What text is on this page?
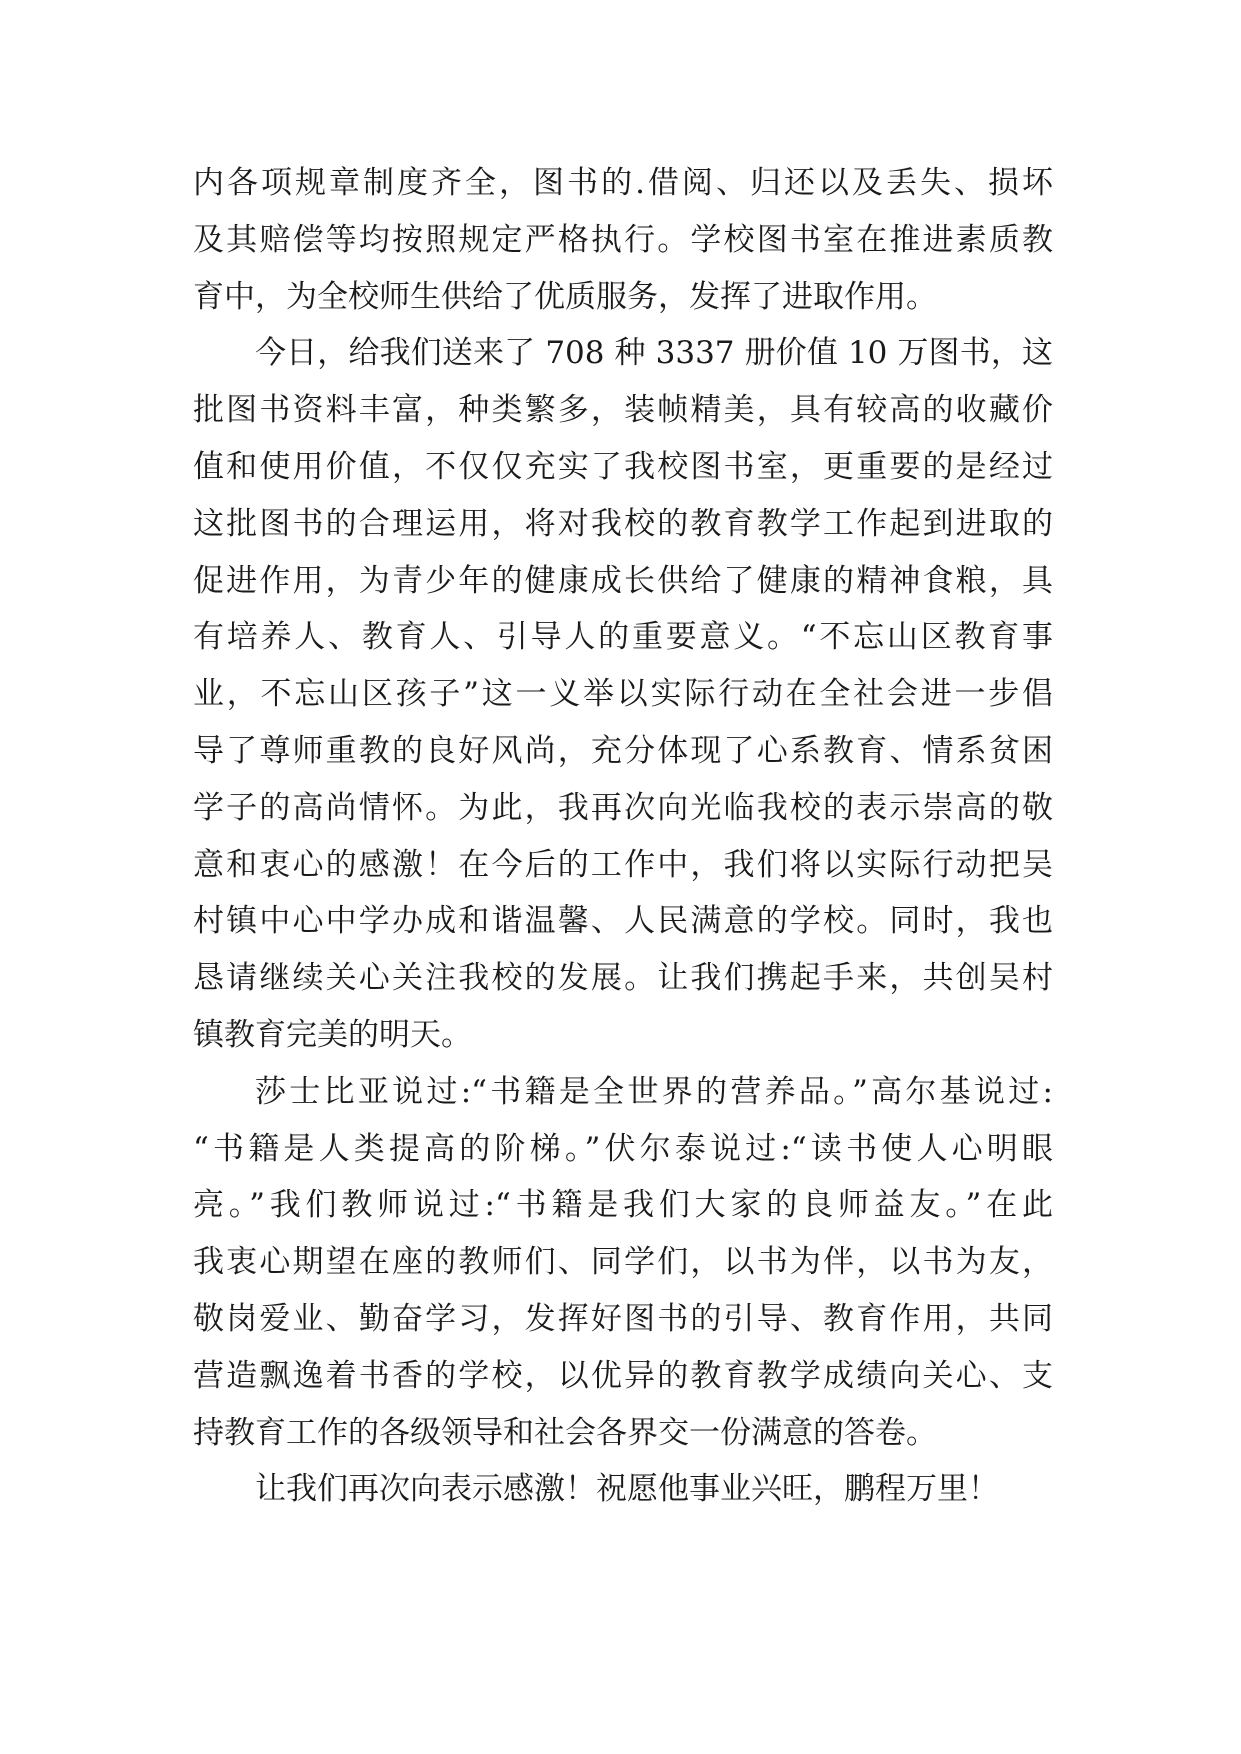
内各项规章制度齐全，图书的.借阅、归还以及丢失、损坏
及其赔偿等均按照规定严格执行。学校图书室在推进素质教
育中，为全校师生供给了优质服务，发挥了进取作用。
今日，给我们送来了 708 种 3337 册价值 10 万图书，这
批图书资料丰富，种类繁多，装帧精美，具有较高的收藏价
值和使用价值，不仅仅充实了我校图书室，更重要的是经过
这批图书的合理运用，将对我校的教育教学工作起到进取的
促进作用，为青少年的健康成长供给了健康的精神食粮，具
有培养人、教育人、引导人的重要意义。“不忘山区教育事
业，不忘山区孩子”这一义举以实际行动在全社会进一步倡
导了尊师重教的良好风尚，充分体现了心系教育、情系贫困
学子的高尚情怀。为此，我再次向光临我校的表示崇高的敬
意和衷心的感激！在今后的工作中，我们将以实际行动把吴
村镇中心中学办成和谐温馨、人民满意的学校。同时，我也
恳请继续关心关注我校的发展。让我们携起手来，共创吴村
镇教育完美的明天。
莎士比亚说过:“书籍是全世界的营养品。”高尔基说过:
“书籍是人类提高的阶梯。”伏尔泰说过:“读书使人心明眼
亮。”我们教师说过:“书籍是我们大家的良师益友。”在此
我衷心期望在座的教师们、同学们，以书为伴，以书为友，
敬岗爱业、勤奋学习，发挥好图书的引导、教育作用，共同
营造飘逸着书香的学校，以优异的教育教学成绩向关心、支
持教育工作的各级领导和社会各界交一份满意的答卷。
让我们再次向表示感激！祝愿他事业兴旺，鹏程万里！
